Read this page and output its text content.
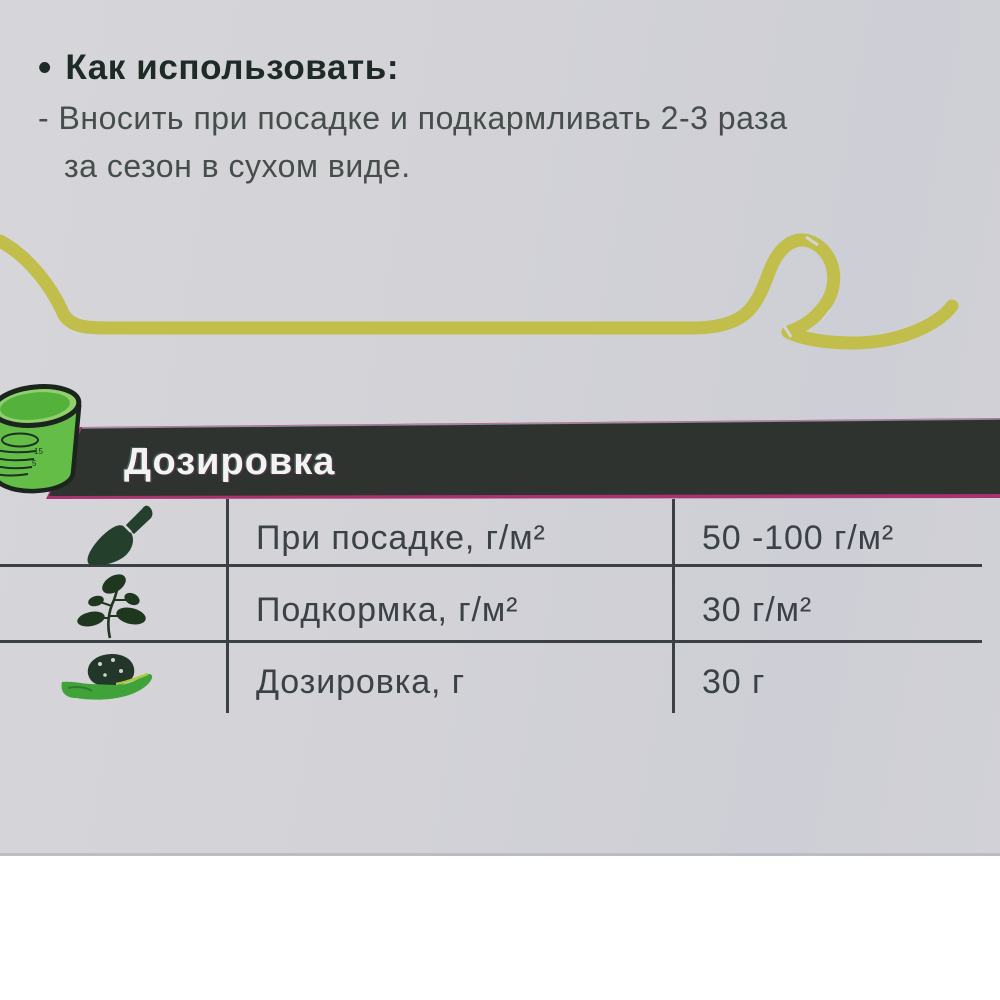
• Как использовать:
- Вносить при посадке и подкармливать 2-3 раза
за сезон в сухом виде.
Дозировка
15
5
При посадке, г/м²	50 -100 г/м²
Подкормка, г/м²	30 г/м²
Дозировка, г	30 г
